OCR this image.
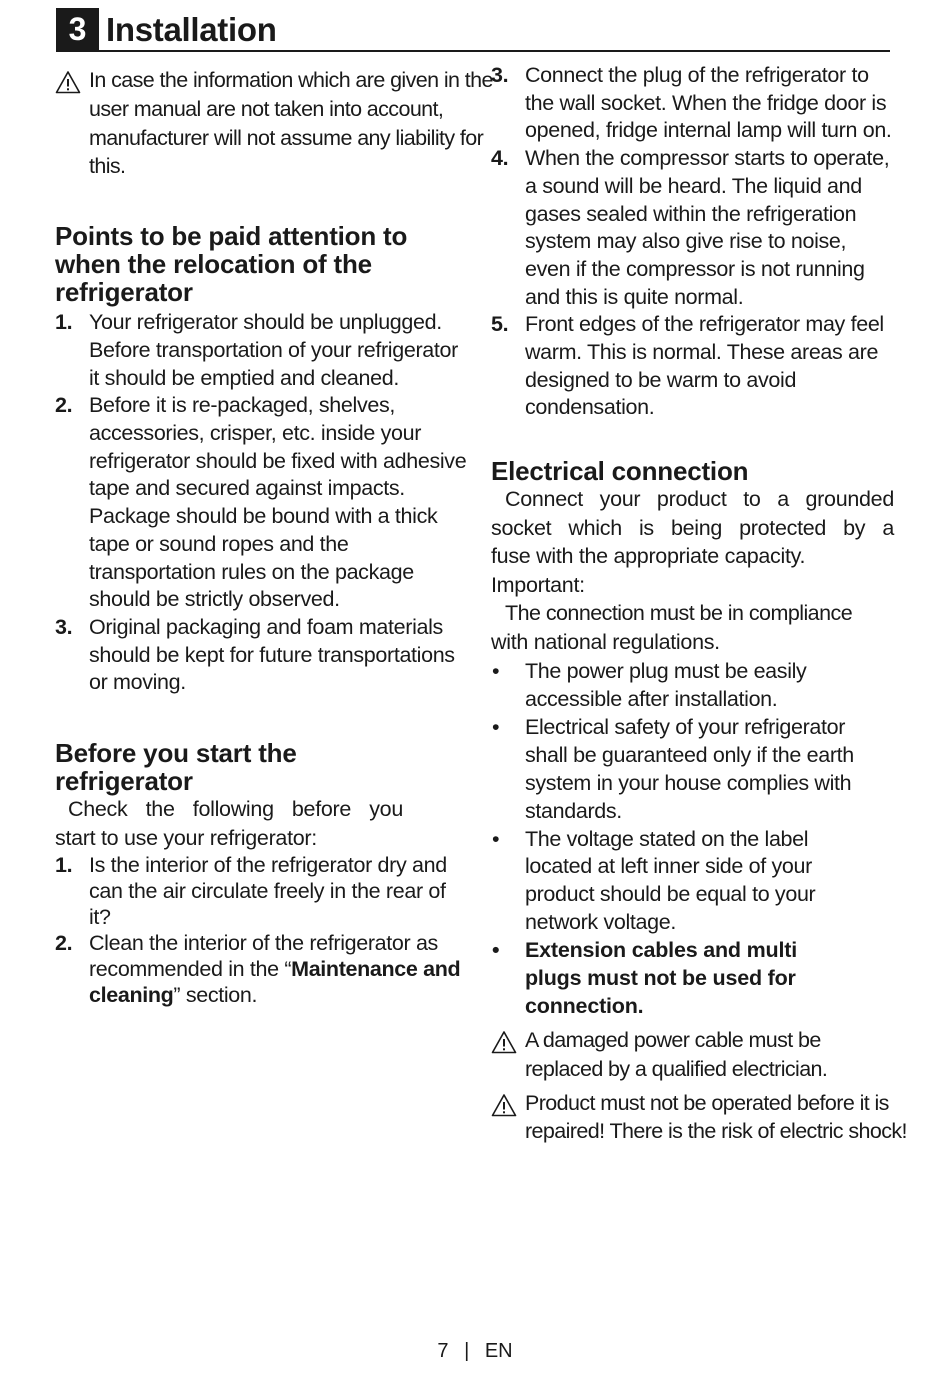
3 Installation
In case the information which are given in the user manual are not taken into account, manufacturer will not assume any liability for this.
Points to be paid attention to when the relocation of the refrigerator
1. Your refrigerator should be unplugged. Before transportation of your refrigerator it should be emptied and cleaned.
2. Before it is re-packaged, shelves, accessories, crisper, etc. inside your refrigerator should be fixed with adhesive tape and secured against impacts. Package should be bound with a thick tape or sound ropes and the transportation rules on the package should be strictly observed.
3. Original packaging and foam materials should be kept for future transportations or moving.
Before you start the refrigerator

Check the following before you

start to use your refrigerator:

1. Is the interior of the refrigerator dry and can the air circulate freely in the rear of it?
2. Clean the interior of the refrigerator as recommended in the “Maintenance and cleaning” section.
3. Connect the plug of the refrigerator to the wall socket. When the fridge door is opened, fridge internal lamp will turn on.
4. When the compressor starts to operate, a sound will be heard. The liquid and gases sealed within the refrigeration system may also give rise to noise, even if the compressor is not running and this is quite normal.
5. Front edges of the refrigerator may feel warm. This is normal. These areas are designed to be warm to avoid condensation.
Electrical connection

Connect your product to a grounded

socket which is being protected by a

fuse with the appropriate capacity.

Important:

The connection must be in compliance

with national regulations.

• The power plug must be easily accessible after installation.
• Electrical safety of your refrigerator shall be guaranteed only if the earth system in your house complies with standards.
• The voltage stated on the label located at left inner side of your product should be equal to your network voltage.
• Extension cables and multi plugs must not be used for connection.
A damaged power cable must be replaced by a qualified electrician.
Product must not be operated before it is repaired! There is the risk of electric shock!
7 | EN
